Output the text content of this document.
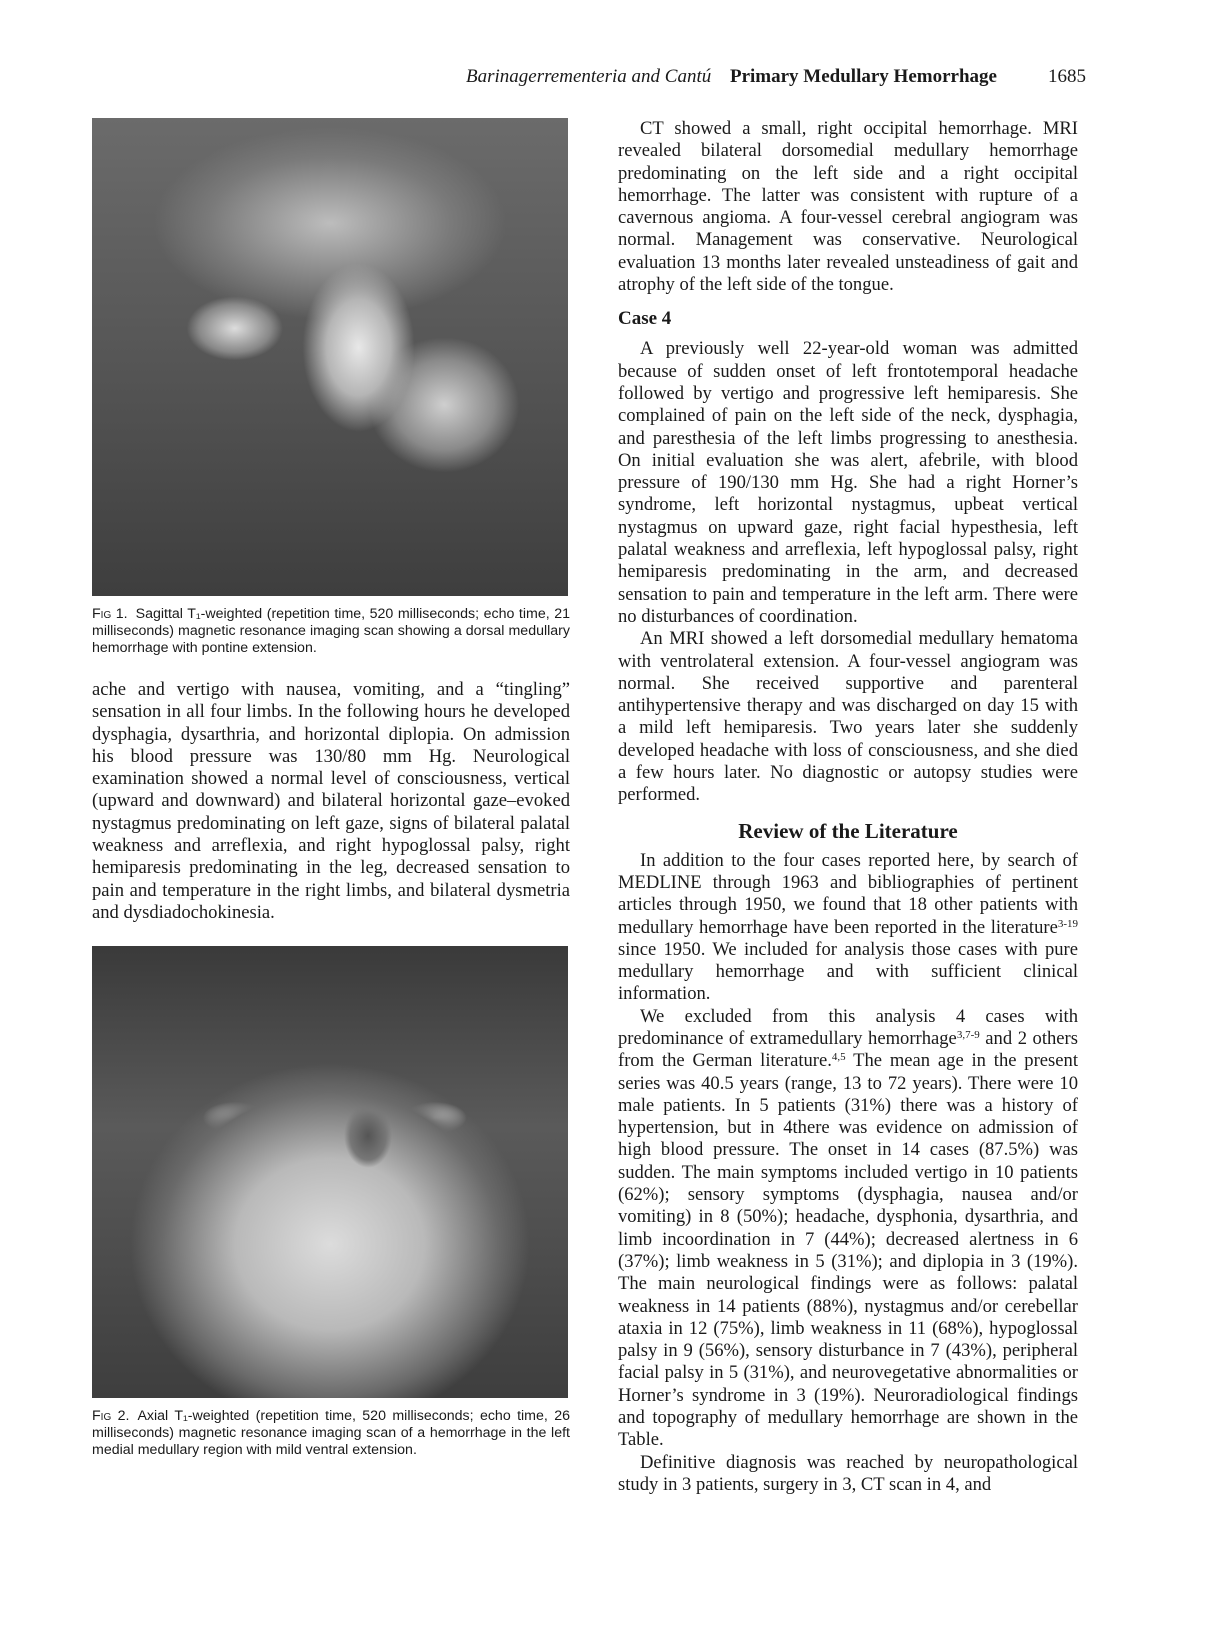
Barinagerrementeria and Cantú Primary Medullary Hemorrhage	1685
Fig 1. Sagittal T₁-weighted (repetition time, 520 milliseconds; echo time, 21 milliseconds) magnetic resonance imaging scan showing a dorsal medullary hemorrhage with pontine extension.

ache and vertigo with nausea, vomiting, and a “tingling” sensation in all four limbs. In the following hours he developed dysphagia, dysarthria, and horizontal diplopia. On admission his blood pressure was 130/80 mm Hg. Neurological examination showed a normal level of consciousness, vertical (upward and downward) and bilateral horizontal gaze–evoked nystagmus predominating on left gaze, signs of bilateral palatal weakness and arreflexia, and right hypoglossal palsy, right hemiparesis predominating in the leg, decreased sensation to pain and temperature in the right limbs, and bilateral dysmetria and dysdiadochokinesia.

Fig 2. Axial T₁-weighted (repetition time, 520 milliseconds; echo time, 26 milliseconds) magnetic resonance imaging scan of a hemorrhage in the left medial medullary region with mild ventral extension.

CT showed a small, right occipital hemorrhage. MRI revealed bilateral dorsomedial medullary hemorrhage predominating on the left side and a right occipital hemorrhage. The latter was consistent with rupture of a cavernous angioma. A four-vessel cerebral angiogram was normal. Management was conservative. Neurological evaluation 13 months later revealed unsteadiness of gait and atrophy of the left side of the tongue.

Case 4

A previously well 22-year-old woman was admitted because of sudden onset of left frontotemporal headache followed by vertigo and progressive left hemiparesis. She complained of pain on the left side of the neck, dysphagia, and paresthesia of the left limbs progressing to anesthesia. On initial evaluation she was alert, afebrile, with blood pressure of 190/130 mm Hg. She had a right Horner’s syndrome, left horizontal nystagmus, upbeat vertical nystagmus on upward gaze, right facial hypesthesia, left palatal weakness and arreflexia, left hypoglossal palsy, right hemiparesis predominating in the arm, and decreased sensation to pain and temperature in the left arm. There were no disturbances of coordination.

An MRI showed a left dorsomedial medullary hematoma with ventrolateral extension. A four-vessel angiogram was normal. She received supportive and parenteral antihypertensive therapy and was discharged on day 15 with a mild left hemiparesis. Two years later she suddenly developed headache with loss of consciousness, and she died a few hours later. No diagnostic or autopsy studies were performed.

Review of the Literature

In addition to the four cases reported here, by search of MEDLINE through 1963 and bibliographies of pertinent articles through 1950, we found that 18 other patients with medullary hemorrhage have been reported in the literature$^{3-19}$ since 1950. We included for analysis those cases with pure medullary hemorrhage and with sufficient clinical information.

We excluded from this analysis 4 cases with predominance of extramedullary hemorrhage$^{3,7-9}$ and 2 others from the German literature.$^{4,5}$ The mean age in the present series was 40.5 years (range, 13 to 72 years). There were 10 male patients. In 5 patients (31%) there was a history of hypertension, but in 4there was evidence on admission of high blood pressure. The onset in 14 cases (87.5%) was sudden. The main symptoms included vertigo in 10 patients (62%); sensory symptoms (dysphagia, nausea and/or vomiting) in 8 (50%); headache, dysphonia, dysarthria, and limb incoordination in 7 (44%); decreased alertness in 6 (37%); limb weakness in 5 (31%); and diplopia in 3 (19%). The main neurological findings were as follows: palatal weakness in 14 patients (88%), nystagmus and/or cerebellar ataxia in 12 (75%), limb weakness in 11 (68%), hypoglossal palsy in 9 (56%), sensory disturbance in 7 (43%), peripheral facial palsy in 5 (31%), and neurovegetative abnormalities or Horner’s syndrome in 3 (19%). Neuroradiological findings and topography of medullary hemorrhage are shown in the Table.

Definitive diagnosis was reached by neuropathological study in 3 patients, surgery in 3, CT scan in 4, and
